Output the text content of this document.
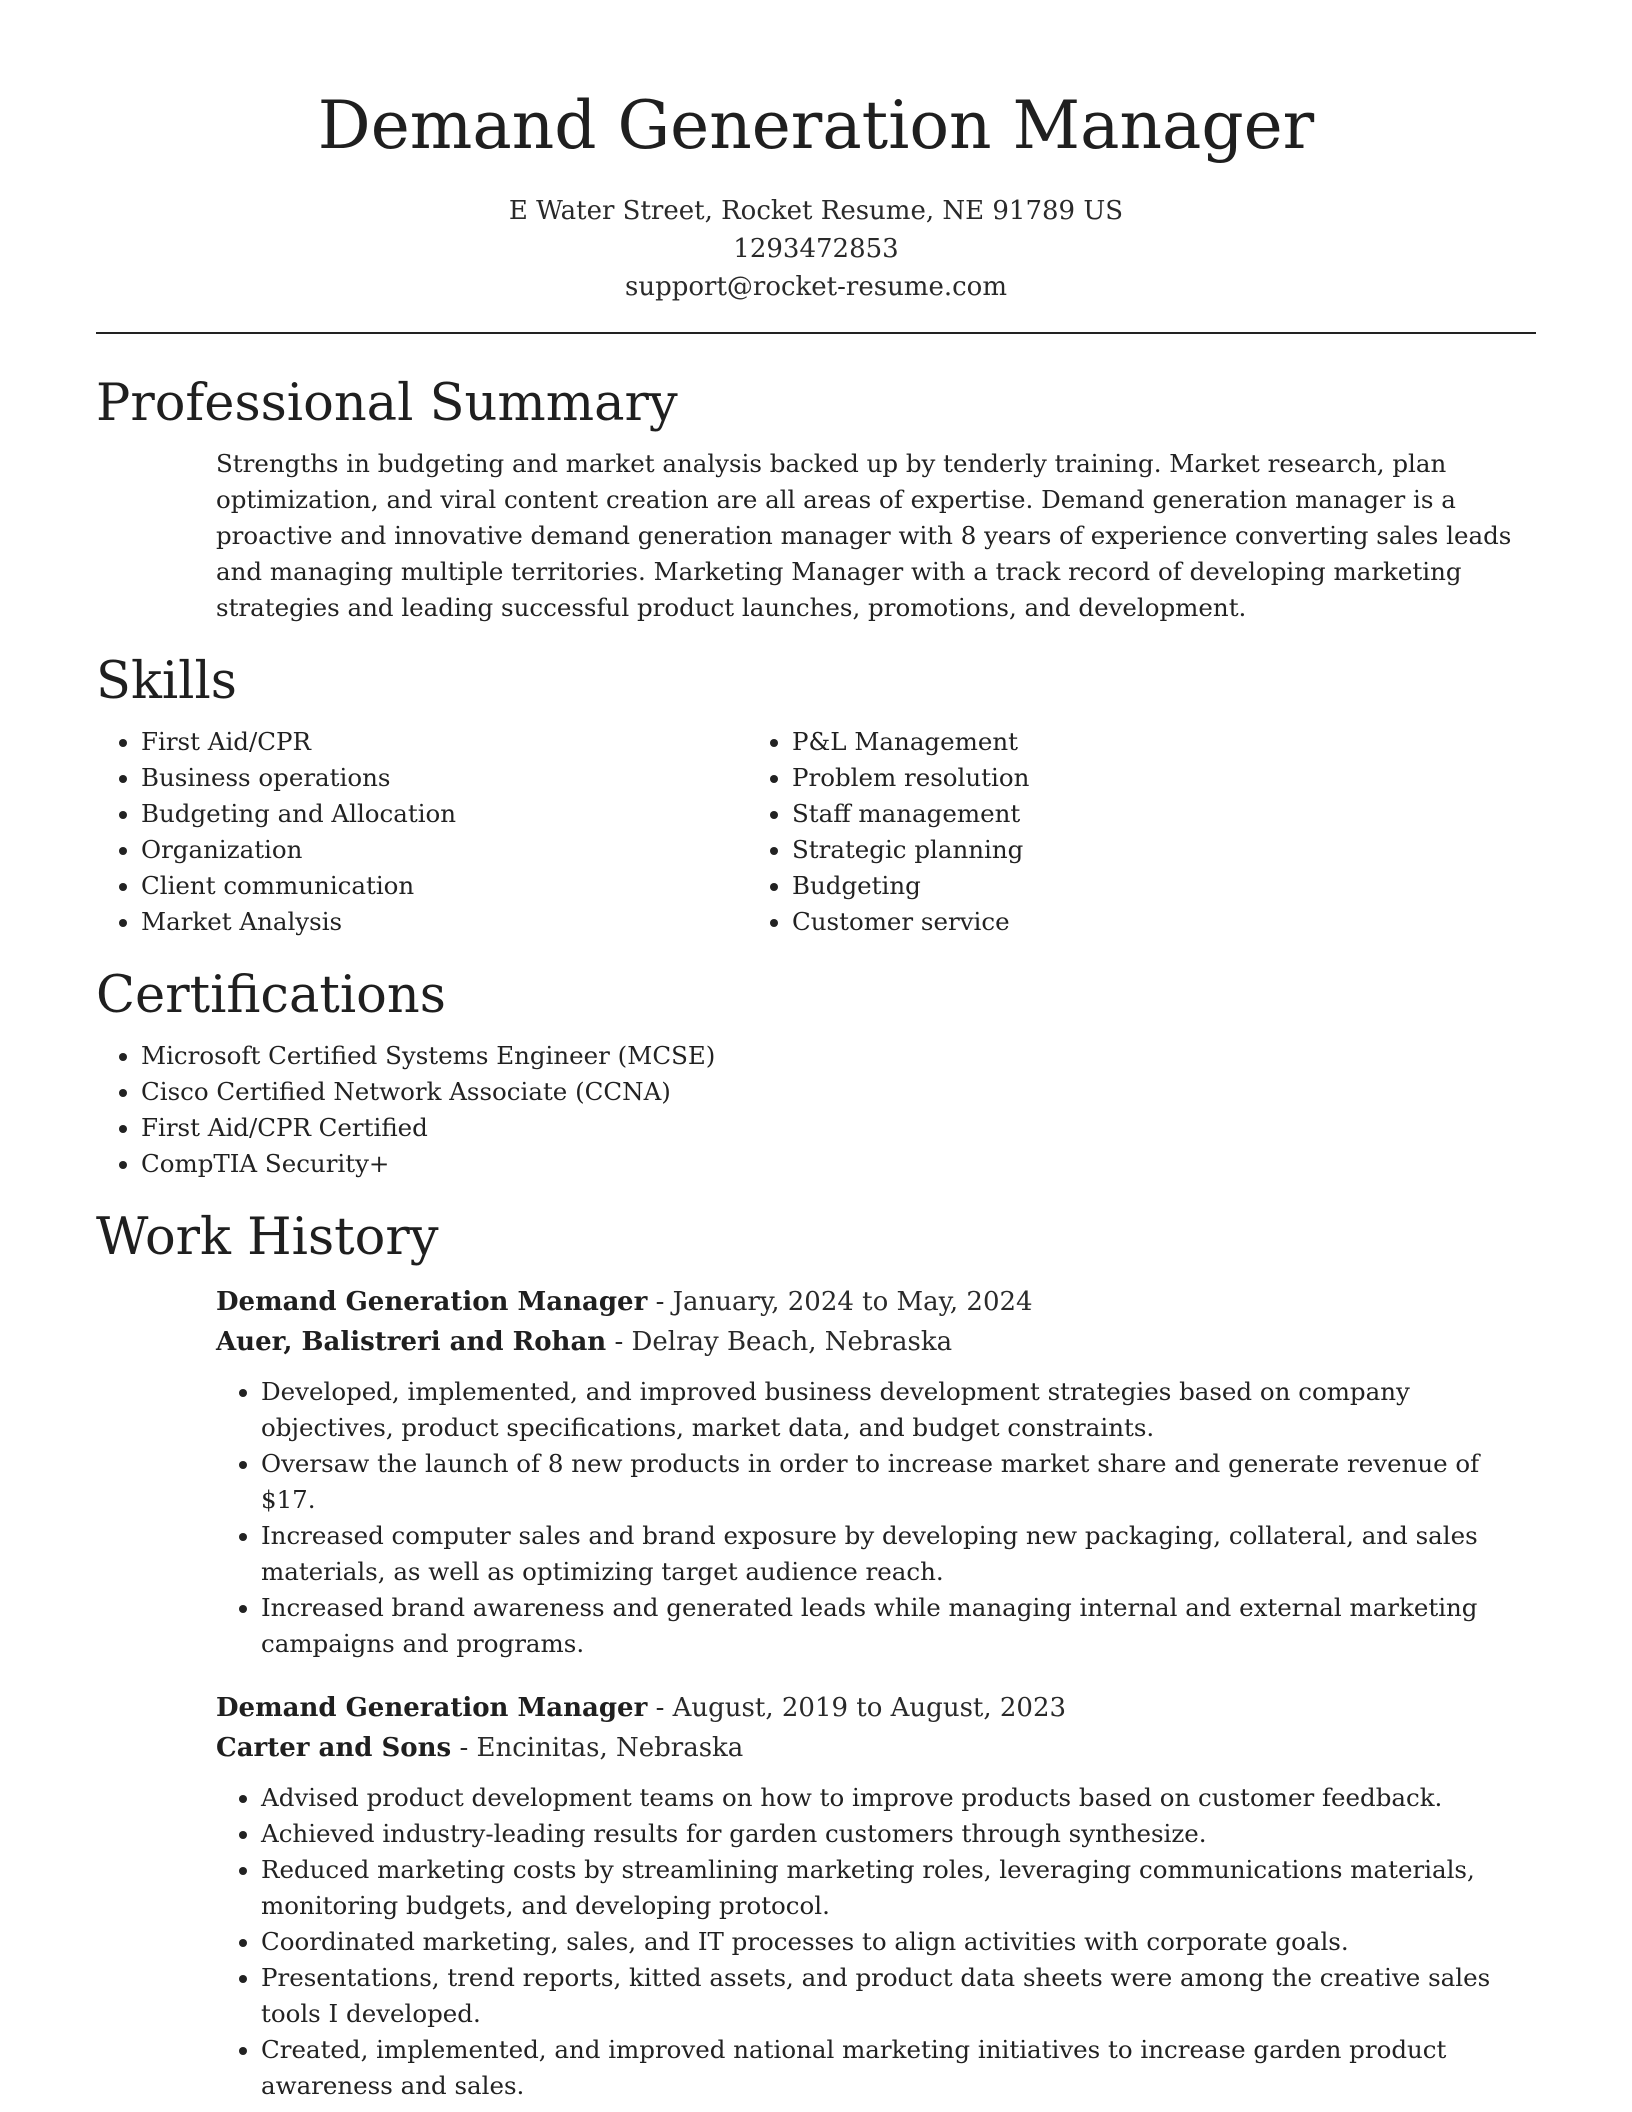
Demand Generation Manager
E Water Street, Rocket Resume, NE 91789 US
1293472853
support@rocket-resume.com
Professional Summary

Strengths in budgeting and market analysis backed up by tenderly training. Market research, plan optimization, and viral content creation are all areas of expertise. Demand generation manager is a proactive and innovative demand generation manager with 8 years of experience converting sales leads and managing multiple territories. Marketing Manager with a track record of developing marketing strategies and leading successful product launches, promotions, and development.

Skills
• First Aid/CPR
• Business operations
• Budgeting and Allocation
• Organization
• Client communication
• Market Analysis
• P&L Management
• Problem resolution
• Staff management
• Strategic planning
• Budgeting
• Customer service
Certifications
• Microsoft Certified Systems Engineer (MCSE)
• Cisco Certified Network Associate (CCNA)
• First Aid/CPR Certified
• CompTIA Security+
Work History
Demand Generation Manager - January, 2024 to May, 2024
Auer, Balistreri and Rohan - Delray Beach, Nebraska
• Developed, implemented, and improved business development strategies based on company objectives, product specifications, market data, and budget constraints.
• Oversaw the launch of 8 new products in order to increase market share and generate revenue of $17.
• Increased computer sales and brand exposure by developing new packaging, collateral, and sales materials, as well as optimizing target audience reach.
• Increased brand awareness and generated leads while managing internal and external marketing campaigns and programs.
Demand Generation Manager - August, 2019 to August, 2023
Carter and Sons - Encinitas, Nebraska
• Advised product development teams on how to improve products based on customer feedback.
• Achieved industry-leading results for garden customers through synthesize.
• Reduced marketing costs by streamlining marketing roles, leveraging communications materials, monitoring budgets, and developing protocol.
• Coordinated marketing, sales, and IT processes to align activities with corporate goals.
• Presentations, trend reports, kitted assets, and product data sheets were among the creative sales tools I developed.
• Created, implemented, and improved national marketing initiatives to increase garden product awareness and sales.
